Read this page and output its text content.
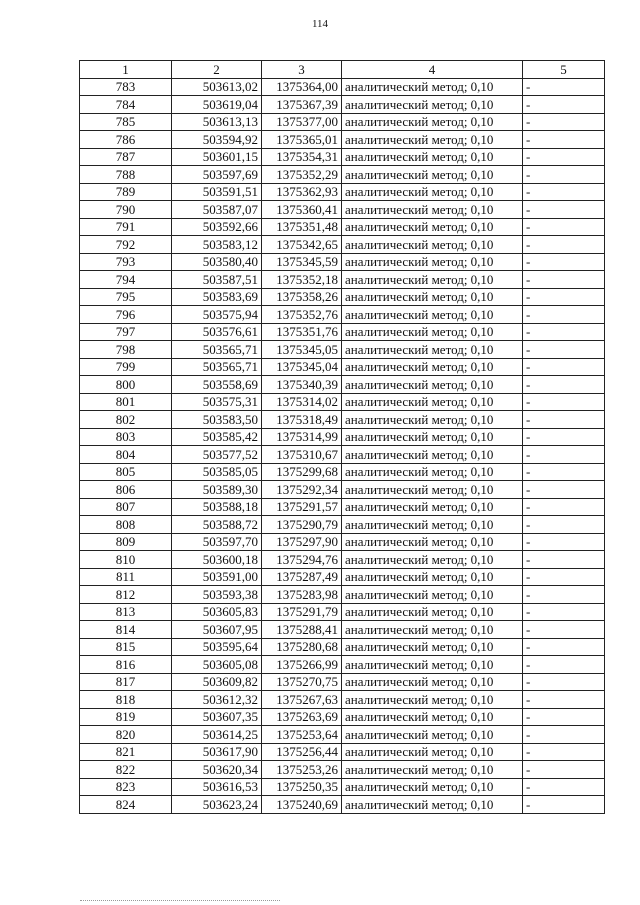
114
1	2	3	4	5
783	503613,02	1375364,00	аналитический метод; 0,10	-
784	503619,04	1375367,39	аналитический метод; 0,10	-
785	503613,13	1375377,00	аналитический метод; 0,10	-
786	503594,92	1375365,01	аналитический метод; 0,10	-
787	503601,15	1375354,31	аналитический метод; 0,10	-
788	503597,69	1375352,29	аналитический метод; 0,10	-
789	503591,51	1375362,93	аналитический метод; 0,10	-
790	503587,07	1375360,41	аналитический метод; 0,10	-
791	503592,66	1375351,48	аналитический метод; 0,10	-
792	503583,12	1375342,65	аналитический метод; 0,10	-
793	503580,40	1375345,59	аналитический метод; 0,10	-
794	503587,51	1375352,18	аналитический метод; 0,10	-
795	503583,69	1375358,26	аналитический метод; 0,10	-
796	503575,94	1375352,76	аналитический метод; 0,10	-
797	503576,61	1375351,76	аналитический метод; 0,10	-
798	503565,71	1375345,05	аналитический метод; 0,10	-
799	503565,71	1375345,04	аналитический метод; 0,10	-
800	503558,69	1375340,39	аналитический метод; 0,10	-
801	503575,31	1375314,02	аналитический метод; 0,10	-
802	503583,50	1375318,49	аналитический метод; 0,10	-
803	503585,42	1375314,99	аналитический метод; 0,10	-
804	503577,52	1375310,67	аналитический метод; 0,10	-
805	503585,05	1375299,68	аналитический метод; 0,10	-
806	503589,30	1375292,34	аналитический метод; 0,10	-
807	503588,18	1375291,57	аналитический метод; 0,10	-
808	503588,72	1375290,79	аналитический метод; 0,10	-
809	503597,70	1375297,90	аналитический метод; 0,10	-
810	503600,18	1375294,76	аналитический метод; 0,10	-
811	503591,00	1375287,49	аналитический метод; 0,10	-
812	503593,38	1375283,98	аналитический метод; 0,10	-
813	503605,83	1375291,79	аналитический метод; 0,10	-
814	503607,95	1375288,41	аналитический метод; 0,10	-
815	503595,64	1375280,68	аналитический метод; 0,10	-
816	503605,08	1375266,99	аналитический метод; 0,10	-
817	503609,82	1375270,75	аналитический метод; 0,10	-
818	503612,32	1375267,63	аналитический метод; 0,10	-
819	503607,35	1375263,69	аналитический метод; 0,10	-
820	503614,25	1375253,64	аналитический метод; 0,10	-
821	503617,90	1375256,44	аналитический метод; 0,10	-
822	503620,34	1375253,26	аналитический метод; 0,10	-
823	503616,53	1375250,35	аналитический метод; 0,10	-
824	503623,24	1375240,69	аналитический метод; 0,10	-
